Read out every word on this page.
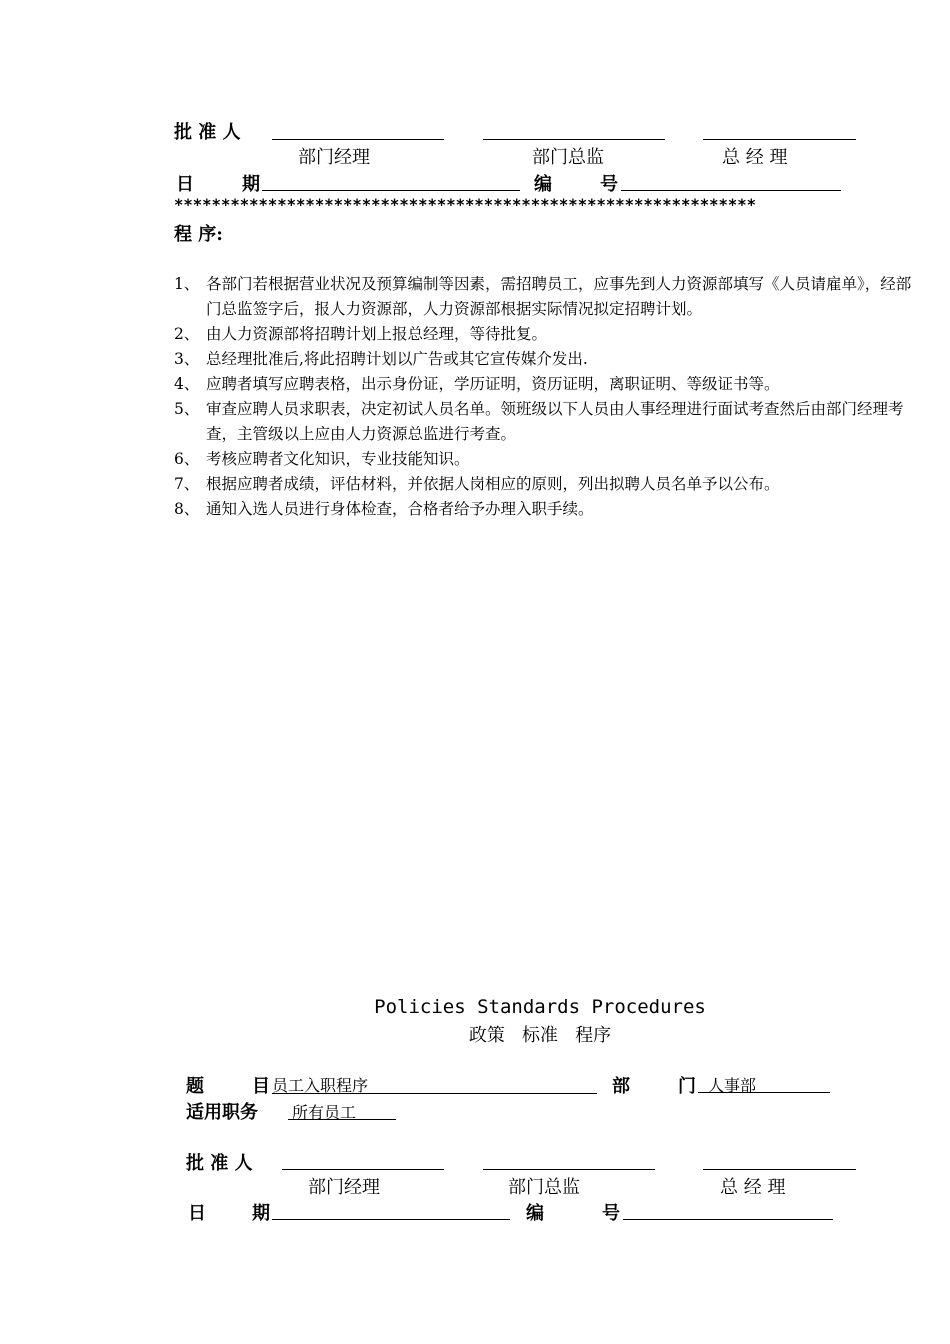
批 准 人
部门经理	部门总监	总 经 理
日	期	编	号
**************************************************************
程 序:
1、 各部门若根据营业状况及预算编制等因素，需招聘员工，应事先到人力资源部填写《人员请雇单》，经部门总监签字后，报人力资源部，人力资源部根据实际情况拟定招聘计划。
2、 由人力资源部将招聘计划上报总经理，等待批复。
3、 总经理批准后,将此招聘计划以广告或其它宣传媒介发出.
4、 应聘者填写应聘表格，出示身份证，学历证明，资历证明，离职证明、等级证书等。
5、 审查应聘人员求职表，决定初试人员名单。领班级以下人员由人事经理进行面试考查然后由部门经理考查，主管级以上应由人力资源总监进行考查。
6、 考核应聘者文化知识，专业技能知识。
7、 根据应聘者成绩，评估材料，并依据人岗相应的原则，列出拟聘人员名单予以公布。
8、 通知入选人员进行身体检查，合格者给予办理入职手续。
Policies Standards Procedures
政策   标准   程序
题	目 员工入职程序	部	门 人事部
适用职务 所有员工
批 准 人
部门经理	部门总监	总 经 理
日	期	编	号
